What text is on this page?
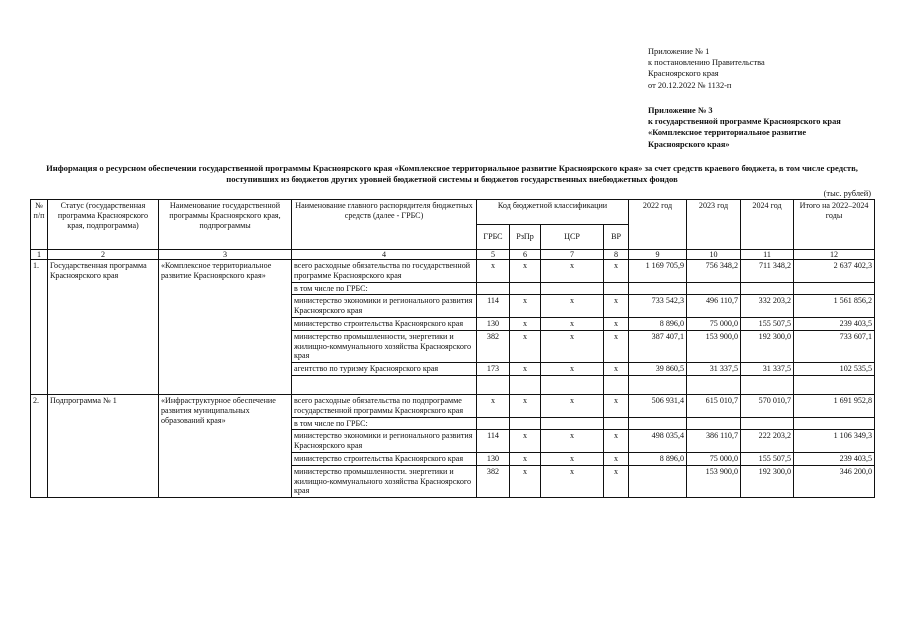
Приложение № 1
к постановлению Правительства
Красноярского края
от 20.12.2022 № 1132-п
Приложение № 3
к государственной программе Красноярского края
«Комплексное территориальное развитие
Красноярского края»
Информация о ресурсном обеспечении государственной программы Красноярского края «Комплексное территориальное развитие Красноярского края» за счет средств краевого бюджета, в том числе средств, поступивших из бюджетов других уровней бюджетной системы и бюджетов государственных внебюджетных фондов
(тыс. рублей)
№ п/п	Статус (государственная программа Красноярского края, подпрограмма)	Наименование государственной программы Красноярского края, подпрограммы	Наименование главного распорядителя бюджетных средств (далее - ГРБС)	Код бюджетной классификации				2022 год	2023 год	2024 год	Итого на 2022–2024 годы
				ГРБС	РзПр	ЦСР	ВР				
1	2	3	4	5	6	7	8	9	10	11	12
1.	Государственная программа Красноярского края	«Комплексное территориальное развитие Красноярского края»	всего расходные обязательства по государственной программе Красноярского края	х	х	х	х	1 169 705,9	756 348,2	711 348,2	2 637 402,3
			в том числе по ГРБС:								
			министерство экономики и регионального развития Красноярского края	114	х	х	х	733 542,3	496 110,7	332 203,2	1 561 856,2
			министерство строительства Красноярского края	130	х	х	х	8 896,0	75 000,0	155 507,5	239 403,5
			министерство промышленности, энергетики и жилищно-коммунального хозяйства Красноярского края	382	х	х	х	387 407,1	153 900,0	192 300,0	733 607,1
			агентство по туризму Красноярского края	173	х	х	х	39 860,5	31 337,5	31 337,5	102 535,5

2.	Подпрограмма № 1	«Инфраструктурное обеспечение развития муниципальных образований края»	всего расходные обязательства по подпрограмме государственной программы Красноярского края	х	х	х	х	506 931,4	615 010,7	570 010,7	1 691 952,8
			в том числе по ГРБС:								
			министерство экономики и регионального развития Красноярского края	114	х	х	х	498 035,4	386 110,7	222 203,2	1 106 349,3
			министерство строительства Красноярского края	130	х	х	х	8 896,0	75 000,0	155 507,5	239 403,5
			министерство промышленности. энергетики и жилищно-коммунального хозяйства Красноярского края	382	х	х	х		153 900,0	192 300,0	346 200,0
